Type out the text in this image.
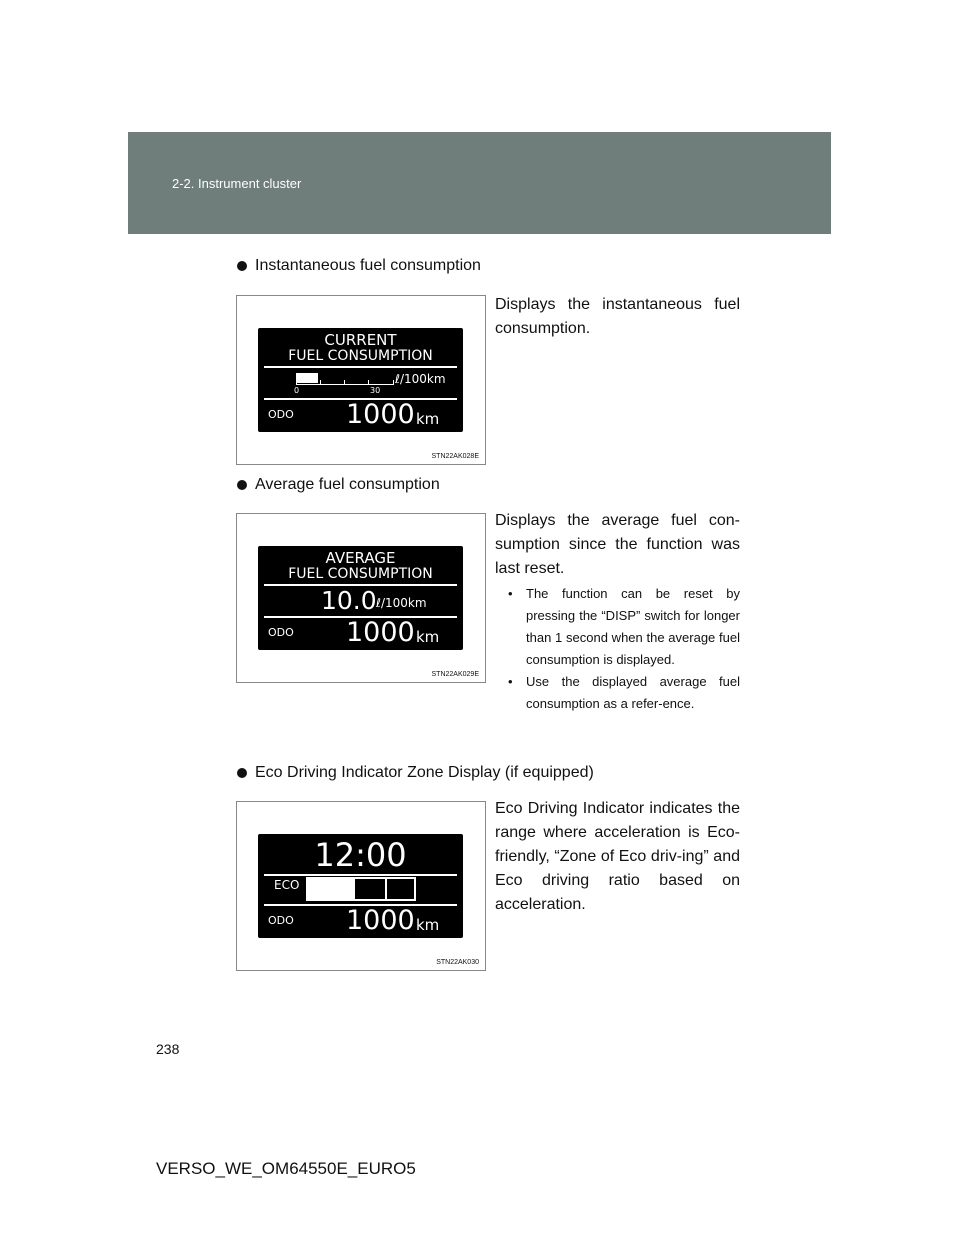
2-2. Instrument cluster
Instantaneous fuel consumption
CURRENT
FUEL CONSUMPTION
ℓ/100km
0	30
ODO 1000 km
STN22AK028E
Displays the instantaneous fuel consumption.
Average fuel consumption
AVERAGE
FUEL CONSUMPTION
10.0 ℓ/100km
ODO 1000 km
STN22AK029E
Displays the average fuel con-sumption since the function was last reset.
• The function can be reset by pressing the “DISP” switch for longer than 1 second when the average fuel consumption is displayed.
• Use the displayed average fuel consumption as a refer-ence.
Eco Driving Indicator Zone Display (if equipped)
12:00
ECO
ODO 1000 km
STN22AK030
Eco Driving Indicator indicates the range where acceleration is Eco-friendly, “Zone of Eco driv-ing” and Eco driving ratio based on acceleration.
238
VERSO_WE_OM64550E_EURO5
